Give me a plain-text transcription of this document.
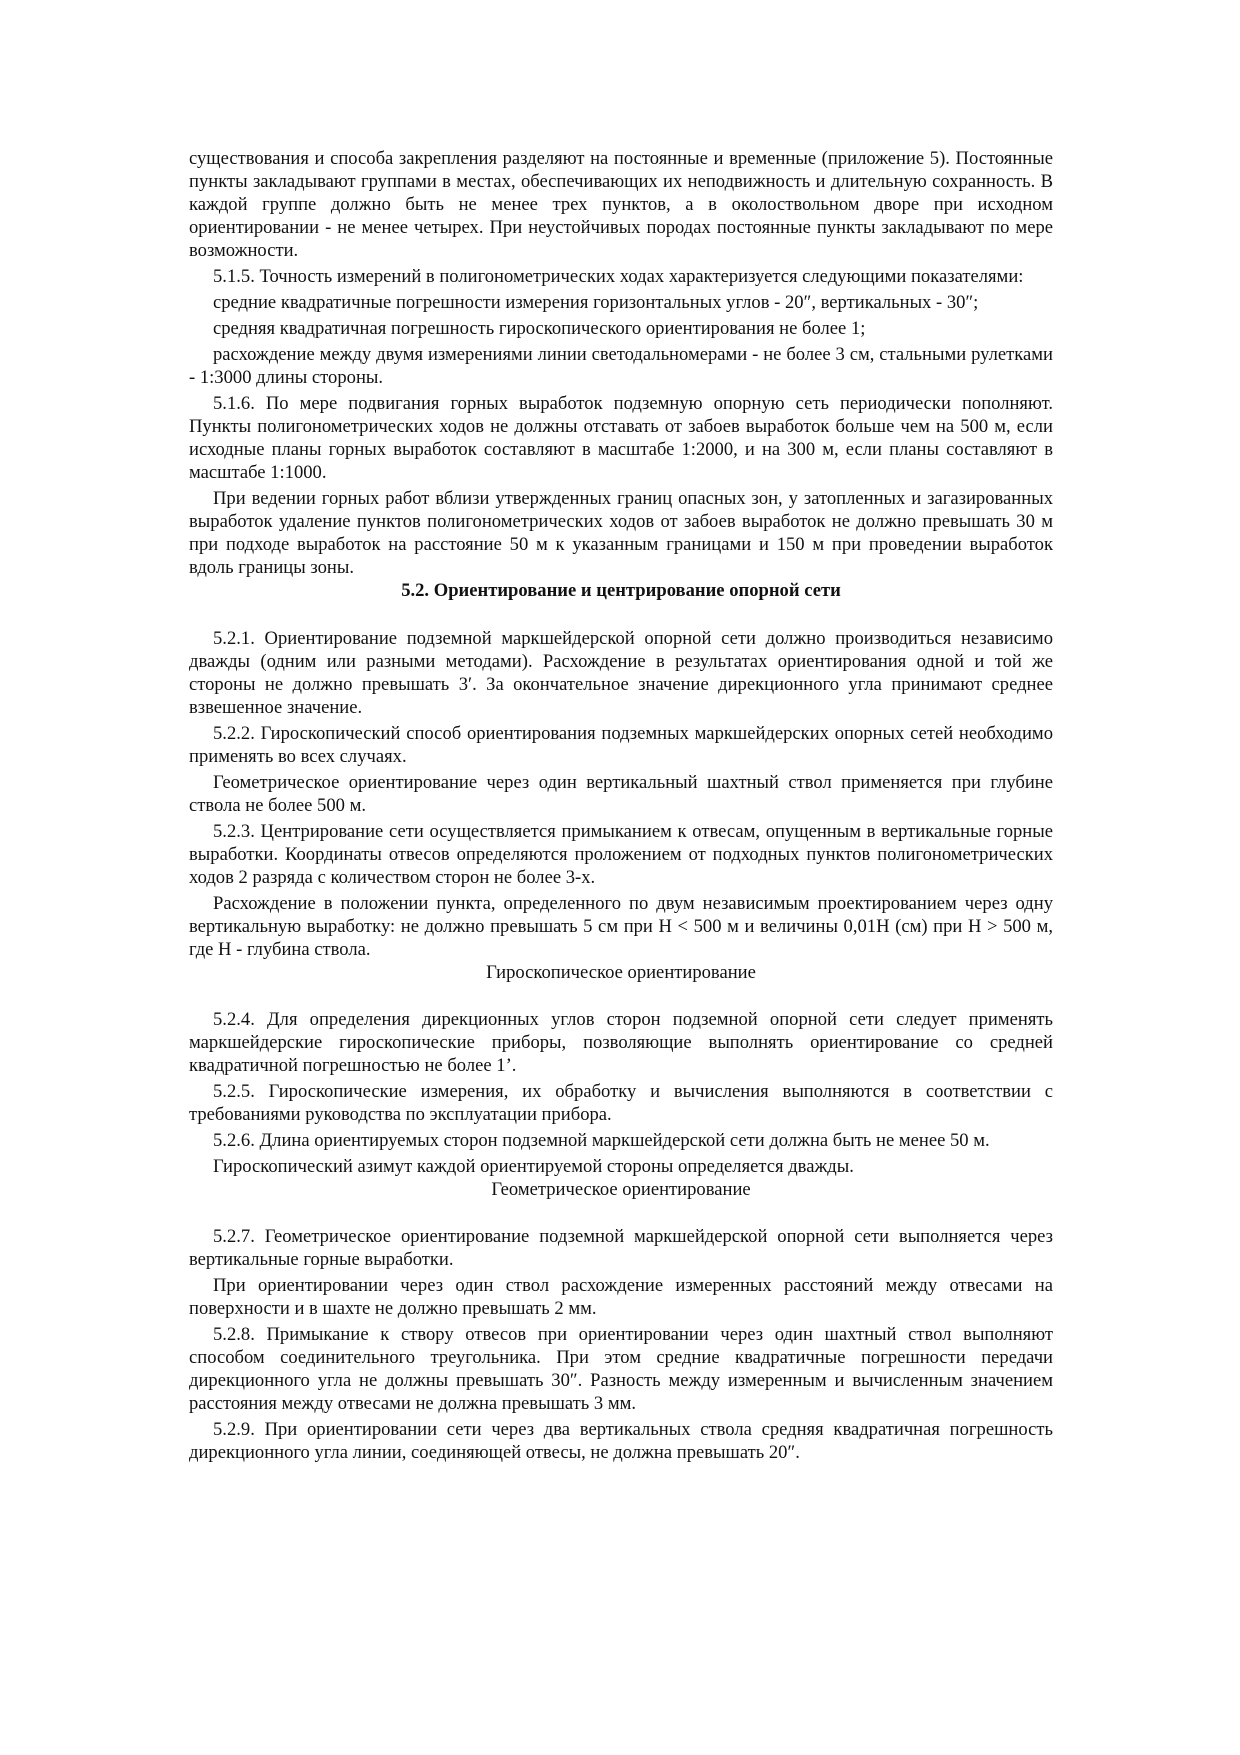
существования и способа закрепления разделяют на постоянные и временные (приложение 5). Постоянные пункты закладывают группами в местах, обеспечивающих их неподвижность и длительную сохранность. В каждой группе должно быть не менее трех пунктов, а в околоствольном дворе при исходном ориентировании - не менее четырех. При неустойчивых породах постоянные пункты закладывают по мере возможности.

5.1.5. Точность измерений в полигонометрических ходах характеризуется следующими показателями:

средние квадратичные погрешности измерения горизонтальных углов - 20″, вертикальных - 30″;

средняя квадратичная погрешность гироскопического ориентирования не более 1;

расхождение между двумя измерениями линии светодальномерами - не более 3 см, стальными рулетками - 1:3000 длины стороны.

5.1.6. По мере подвигания горных выработок подземную опорную сеть периодически пополняют. Пункты полигонометрических ходов не должны отставать от забоев выработок больше чем на 500 м, если исходные планы горных выработок составляют в масштабе 1:2000, и на 300 м, если планы составляют в масштабе 1:1000.

При ведении горных работ вблизи утвержденных границ опасных зон, у затопленных и загазированных выработок удаление пунктов полигонометрических ходов от забоев выработок не должно превышать 30 м при подходе выработок на расстояние 50 м к указанным границами и 150 м при проведении выработок вдоль границы зоны.

5.2. Ориентирование и центрирование опорной сети

5.2.1. Ориентирование подземной маркшейдерской опорной сети должно производиться независимо дважды (одним или разными методами). Расхождение в результатах ориентирования одной и той же стороны не должно превышать 3′. За окончательное значение дирекционного угла принимают среднее взвешенное значение.

5.2.2. Гироскопический способ ориентирования подземных маркшейдерских опорных сетей необходимо применять во всех случаях.

Геометрическое ориентирование через один вертикальный шахтный ствол применяется при глубине ствола не более 500 м.

5.2.3. Центрирование сети осуществляется примыканием к отвесам, опущенным в вертикальные горные выработки. Координаты отвесов определяются проложением от подходных пунктов полигонометрических ходов 2 разряда с количеством сторон не более 3-х.

Расхождение в положении пункта, определенного по двум независимым проектированием через одну вертикальную выработку: не должно превышать 5 см при Н < 500 м и величины 0,01Н (см) при Н > 500 м, где Н - глубина ствола.

Гироскопическое ориентирование

5.2.4. Для определения дирекционных углов сторон подземной опорной сети следует применять маркшейдерские гироскопические приборы, позволяющие выполнять ориентирование со средней квадратичной погрешностью не более 1’.

5.2.5. Гироскопические измерения, их обработку и вычисления выполняются в соответствии с требованиями руководства по эксплуатации прибора.

5.2.6. Длина ориентируемых сторон подземной маркшейдерской сети должна быть не менее 50 м.

Гироскопический азимут каждой ориентируемой стороны определяется дважды.

Геометрическое ориентирование

5.2.7. Геометрическое ориентирование подземной маркшейдерской опорной сети выполняется через вертикальные горные выработки.

При ориентировании через один ствол расхождение измеренных расстояний между отвесами на поверхности и в шахте не должно превышать 2 мм.

5.2.8. Примыкание к створу отвесов при ориентировании через один шахтный ствол выполняют способом соединительного треугольника. При этом средние квадратичные погрешности передачи дирекционного угла не должны превышать 30″. Разность между измеренным и вычисленным значением расстояния между отвесами не должна превышать 3 мм.

5.2.9. При ориентировании сети через два вертикальных ствола средняя квадратичная погрешность дирекционного угла линии, соединяющей отвесы, не должна превышать 20″.
